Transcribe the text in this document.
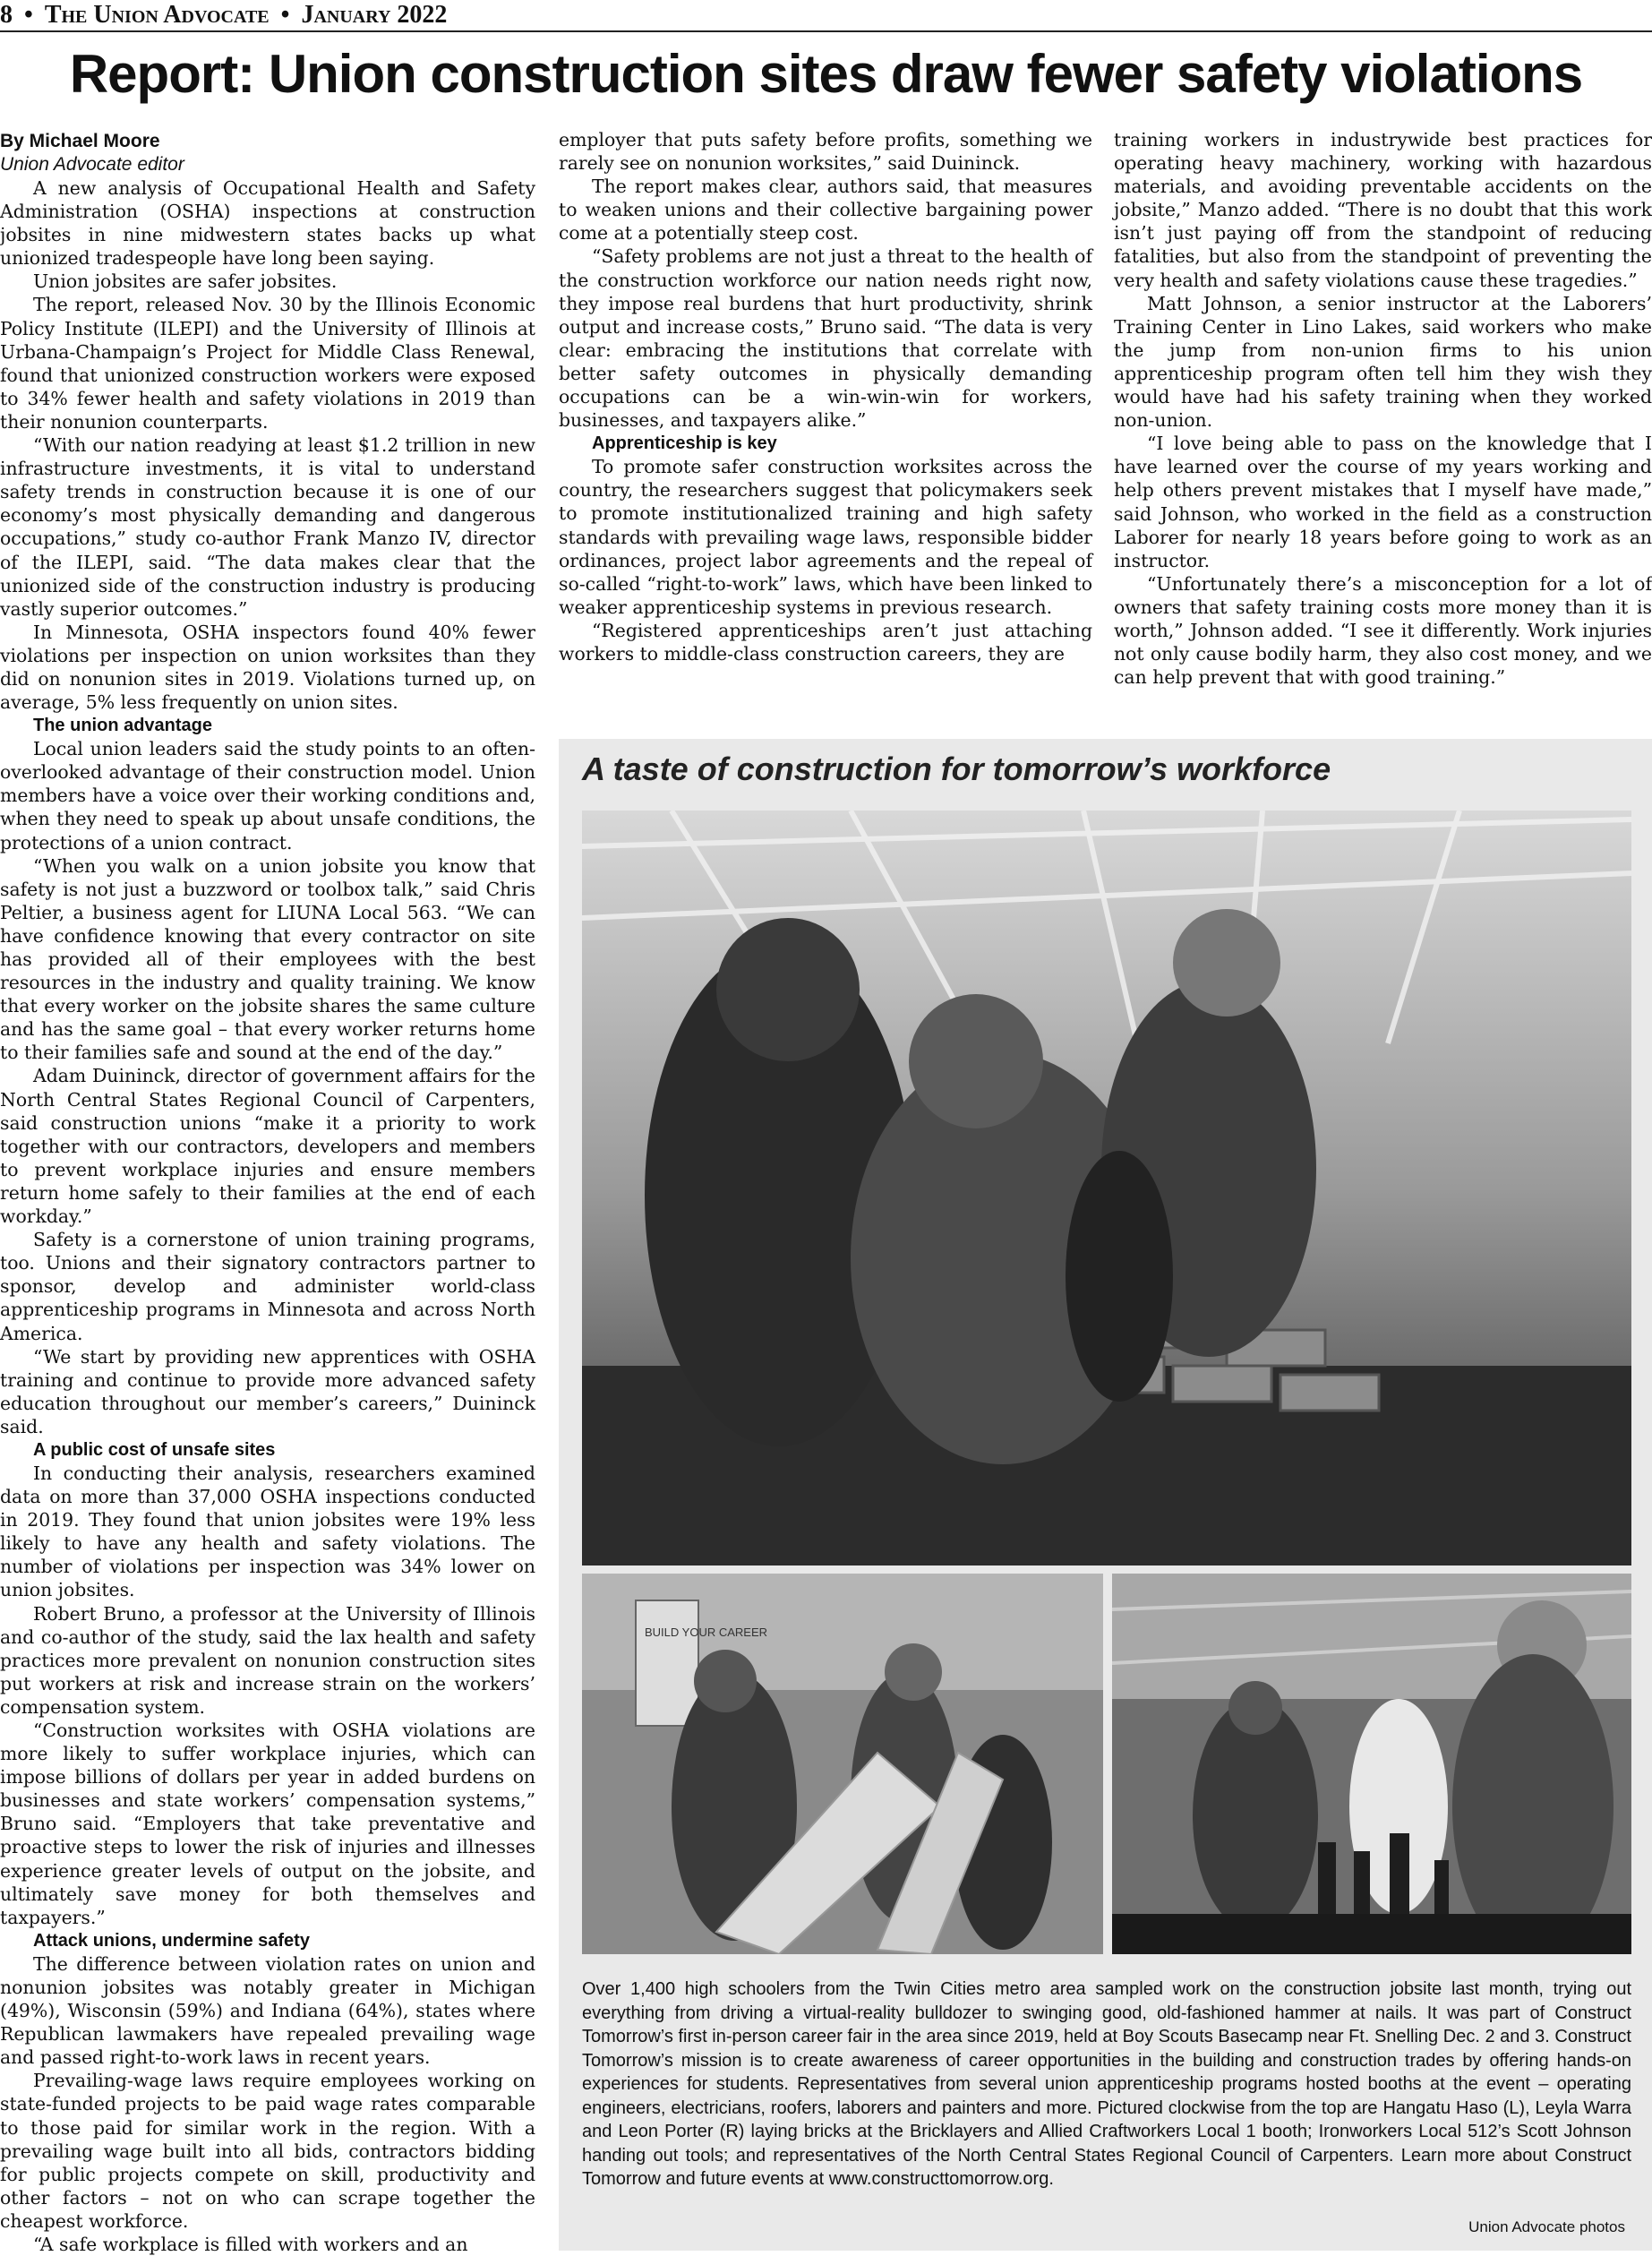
8 • The Union Advocate • January 2022
Report: Union construction sites draw fewer safety violations
By Michael Moore
Union Advocate editor

A new analysis of Occupational Health and Safety Administration (OSHA) inspections at construction jobsites in nine midwestern states backs up what unionized tradespeople have long been saying.

Union jobsites are safer jobsites.

The report, released Nov. 30 by the Illinois Economic Policy Institute (ILEPI) and the University of Illinois at Urbana-Champaign’s Project for Middle Class Renewal, found that unionized construction workers were exposed to 34% fewer health and safety violations in 2019 than their nonunion counterparts.

“With our nation readying at least $1.2 trillion in new infrastructure investments, it is vital to understand safety trends in construction because it is one of our economy’s most physically demanding and dangerous occupations,” study co-author Frank Manzo IV, director of the ILEPI, said. “The data makes clear that the unionized side of the construction industry is producing vastly superior outcomes.”

In Minnesota, OSHA inspectors found 40% fewer violations per inspection on union worksites than they did on nonunion sites in 2019. Violations turned up, on average, 5% less frequently on union sites.

The union advantage

Local union leaders said the study points to an often-overlooked advantage of their construction model. Union members have a voice over their working conditions and, when they need to speak up about unsafe conditions, the protections of a union contract.

“When you walk on a union jobsite you know that safety is not just a buzzword or toolbox talk,” said Chris Peltier, a business agent for LIUNA Local 563. “We can have confidence knowing that every contractor on site has provided all of their employees with the best resources in the industry and quality training. We know that every worker on the jobsite shares the same culture and has the same goal – that every worker returns home to their families safe and sound at the end of the day.”

Adam Duininck, director of government affairs for the North Central States Regional Council of Carpenters, said construction unions “make it a priority to work together with our contractors, developers and members to prevent workplace injuries and ensure members return home safely to their families at the end of each workday.”

Safety is a cornerstone of union training programs, too. Unions and their signatory contractors partner to sponsor, develop and administer world-class apprenticeship programs in Minnesota and across North America.

“We start by providing new apprentices with OSHA training and continue to provide more advanced safety education throughout our member’s careers,” Duininck said.

A public cost of unsafe sites

In conducting their analysis, researchers examined data on more than 37,000 OSHA inspections conducted in 2019. They found that union jobsites were 19% less likely to have any health and safety violations. The number of violations per inspection was 34% lower on union jobsites.

Robert Bruno, a professor at the University of Illinois and co-author of the study, said the lax health and safety practices more prevalent on nonunion construction sites put workers at risk and increase strain on the workers’ compensation system.

“Construction worksites with OSHA violations are more likely to suffer workplace injuries, which can impose billions of dollars per year in added burdens on businesses and state workers’ compensation systems,” Bruno said. “Employers that take preventative and proactive steps to lower the risk of injuries and illnesses experience greater levels of output on the jobsite, and ultimately save money for both themselves and taxpayers.”

Attack unions, undermine safety

The difference between violation rates on union and nonunion jobsites was notably greater in Michigan (49%), Wisconsin (59%) and Indiana (64%), states where Republican lawmakers have repealed prevailing wage and passed right-to-work laws in recent years.

Prevailing-wage laws require employees working on state-funded projects to be paid wage rates comparable to those paid for similar work in the region. With a prevailing wage built into all bids, contractors bidding for public projects compete on skill, productivity and other factors – not on who can scrape together the cheapest workforce.

“A safe workplace is filled with workers and an

employer that puts safety before profits, something we rarely see on nonunion worksites,” said Duininck.

The report makes clear, authors said, that measures to weaken unions and their collective bargaining power come at a potentially steep cost.

“Safety problems are not just a threat to the health of the construction workforce our nation needs right now, they impose real burdens that hurt productivity, shrink output and increase costs,” Bruno said. “The data is very clear: embracing the institutions that correlate with better safety outcomes in physically demanding occupations can be a win-win-win for workers, businesses, and taxpayers alike.”

Apprenticeship is key

To promote safer construction worksites across the country, the researchers suggest that policymakers seek to promote institutionalized training and high safety standards with prevailing wage laws, responsible bidder ordinances, project labor agreements and the repeal of so-called “right-to-work” laws, which have been linked to weaker apprenticeship systems in previous research.

“Registered apprenticeships aren’t just attaching workers to middle-class construction careers, they are

training workers in industrywide best practices for operating heavy machinery, working with hazardous materials, and avoiding preventable accidents on the jobsite,” Manzo added. “There is no doubt that this work isn’t just paying off from the standpoint of reducing fatalities, but also from the standpoint of preventing the very health and safety violations cause these tragedies.”

Matt Johnson, a senior instructor at the Laborers’ Training Center in Lino Lakes, said workers who make the jump from non-union firms to his union apprenticeship program often tell him they wish they would have had his safety training when they worked non-union.

“I love being able to pass on the knowledge that I have learned over the course of my years working and help others prevent mistakes that I myself have made,” said Johnson, who worked in the field as a construction Laborer for nearly 18 years before going to work as an instructor.

“Unfortunately there’s a misconception for a lot of owners that safety training costs more money than it is worth,” Johnson added. “I see it differently. Work injuries not only cause bodily harm, they also cost money, and we can help prevent that with good training.”

A taste of construction for tomorrow’s workforce
BUILD YOUR CAREER
Over 1,400 high schoolers from the Twin Cities metro area sampled work on the construction jobsite last month, trying out everything from driving a virtual-reality bulldozer to swinging good, old-fashioned hammer at nails. It was part of Construct Tomorrow’s first in-person career fair in the area since 2019, held at Boy Scouts Basecamp near Ft. Snelling Dec. 2 and 3. Construct Tomorrow’s mission is to create awareness of career opportunities in the building and construction trades by offering hands-on experiences for students. Representatives from several union apprenticeship programs hosted booths at the event – operating engineers, electricians, roofers, laborers and painters and more. Pictured clockwise from the top are Hangatu Haso (L), Leyla Warra and Leon Porter (R) laying bricks at the Bricklayers and Allied Craftworkers Local 1 booth; Ironworkers Local 512’s Scott Johnson handing out tools; and representatives of the North Central States Regional Council of Carpenters. Learn more about Construct Tomorrow and future events at www.constructtomorrow.org.
Union Advocate photos
